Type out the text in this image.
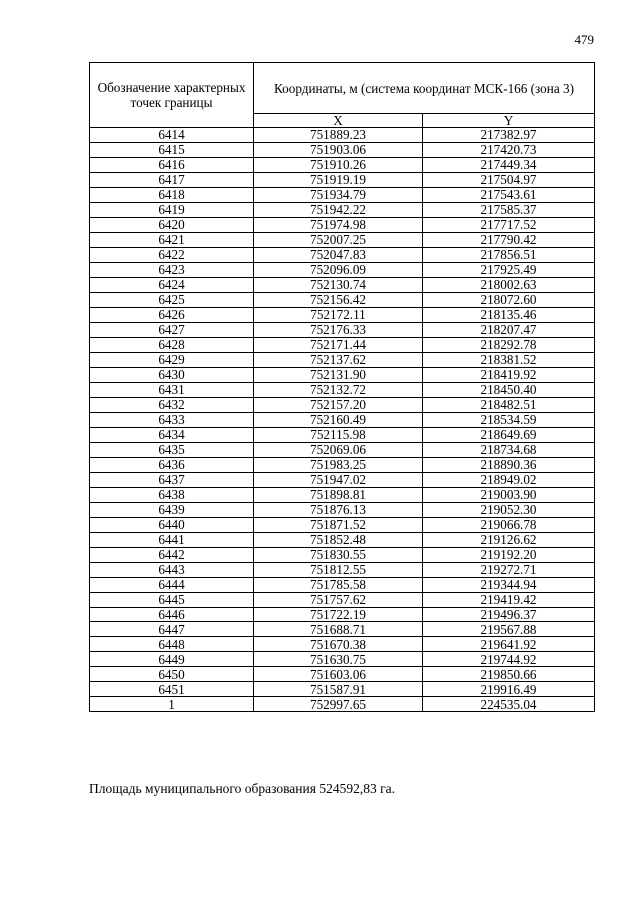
479
Обозначение характерных точек границы	Координаты, м (система координат МСК-166 (зона 3)	
	X	Y
6414	751889.23	217382.97
6415	751903.06	217420.73
6416	751910.26	217449.34
6417	751919.19	217504.97
6418	751934.79	217543.61
6419	751942.22	217585.37
6420	751974.98	217717.52
6421	752007.25	217790.42
6422	752047.83	217856.51
6423	752096.09	217925.49
6424	752130.74	218002.63
6425	752156.42	218072.60
6426	752172.11	218135.46
6427	752176.33	218207.47
6428	752171.44	218292.78
6429	752137.62	218381.52
6430	752131.90	218419.92
6431	752132.72	218450.40
6432	752157.20	218482.51
6433	752160.49	218534.59
6434	752115.98	218649.69
6435	752069.06	218734.68
6436	751983.25	218890.36
6437	751947.02	218949.02
6438	751898.81	219003.90
6439	751876.13	219052.30
6440	751871.52	219066.78
6441	751852.48	219126.62
6442	751830.55	219192.20
6443	751812.55	219272.71
6444	751785.58	219344.94
6445	751757.62	219419.42
6446	751722.19	219496.37
6447	751688.71	219567.88
6448	751670.38	219641.92
6449	751630.75	219744.92
6450	751603.06	219850.66
6451	751587.91	219916.49
1	752997.65	224535.04
Площадь муниципального образования 524592,83 га.
